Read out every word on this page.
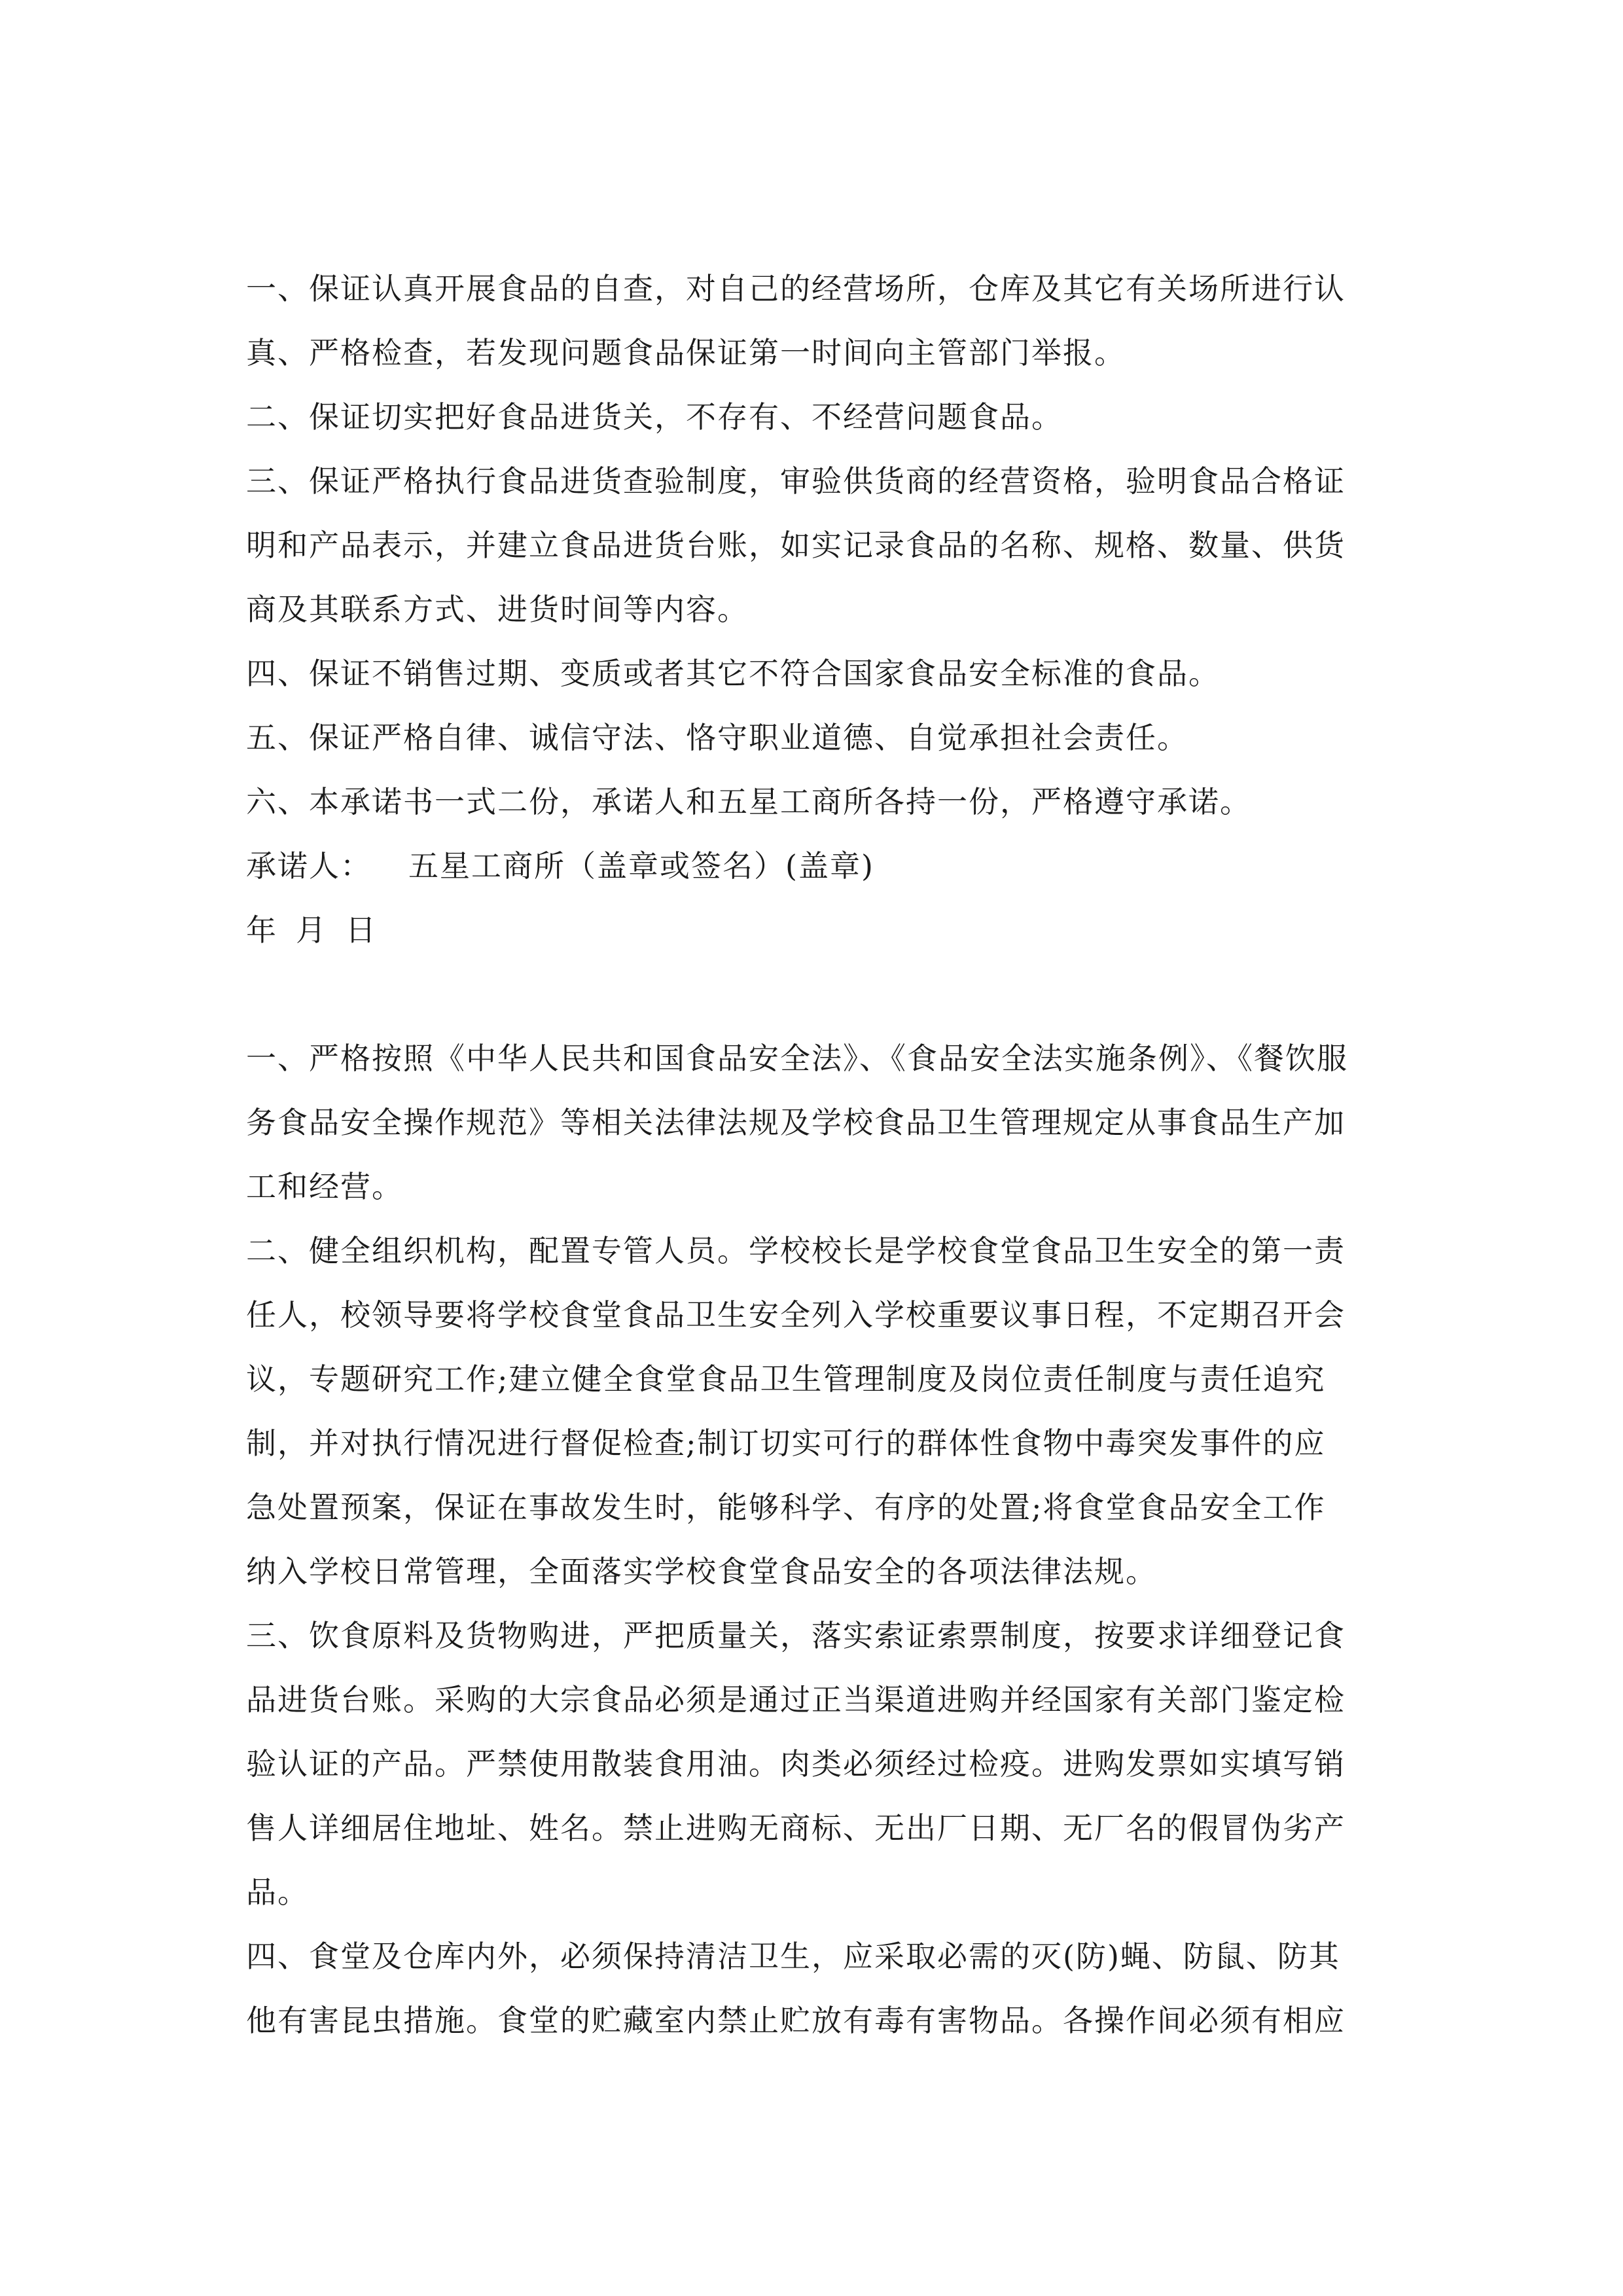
一、保证认真开展食品的自查，对自己的经营场所，仓库及其它有关场所进行认
真、严格检查，若发现问题食品保证第一时间向主管部门举报。
二、保证切实把好食品进货关，不存有、不经营问题食品。
三、保证严格执行食品进货查验制度，审验供货商的经营资格，验明食品合格证
明和产品表示，并建立食品进货台账，如实记录食品的名称、规格、数量、供货
商及其联系方式、进货时间等内容。
四、保证不销售过期、变质或者其它不符合国家食品安全标准的食品。
五、保证严格自律、诚信守法、恪守职业道德、自觉承担社会责任。
六、本承诺书一式二份，承诺人和五星工商所各持一份，严格遵守承诺。
承诺人： 五星工商所（盖章或签名）(盖章)
年 月 日
一、严格按照《中华人民共和国食品安全法》、《食品安全法实施条例》、《餐饮服
务食品安全操作规范》等相关法律法规及学校食品卫生管理规定从事食品生产加
工和经营。
二、健全组织机构，配置专管人员。学校校长是学校食堂食品卫生安全的第一责
任人，校领导要将学校食堂食品卫生安全列入学校重要议事日程，不定期召开会
议，专题研究工作;建立健全食堂食品卫生管理制度及岗位责任制度与责任追究
制，并对执行情况进行督促检查;制订切实可行的群体性食物中毒突发事件的应
急处置预案，保证在事故发生时，能够科学、有序的处置;将食堂食品安全工作
纳入学校日常管理，全面落实学校食堂食品安全的各项法律法规。
三、饮食原料及货物购进，严把质量关，落实索证索票制度，按要求详细登记食
品进货台账。采购的大宗食品必须是通过正当渠道进购并经国家有关部门鉴定检
验认证的产品。严禁使用散装食用油。肉类必须经过检疫。进购发票如实填写销
售人详细居住地址、姓名。禁止进购无商标、无出厂日期、无厂名的假冒伪劣产
品。
四、食堂及仓库内外，必须保持清洁卫生，应采取必需的灭(防)蝇、防鼠、防其
他有害昆虫措施。食堂的贮藏室内禁止贮放有毒有害物品。各操作间必须有相应
